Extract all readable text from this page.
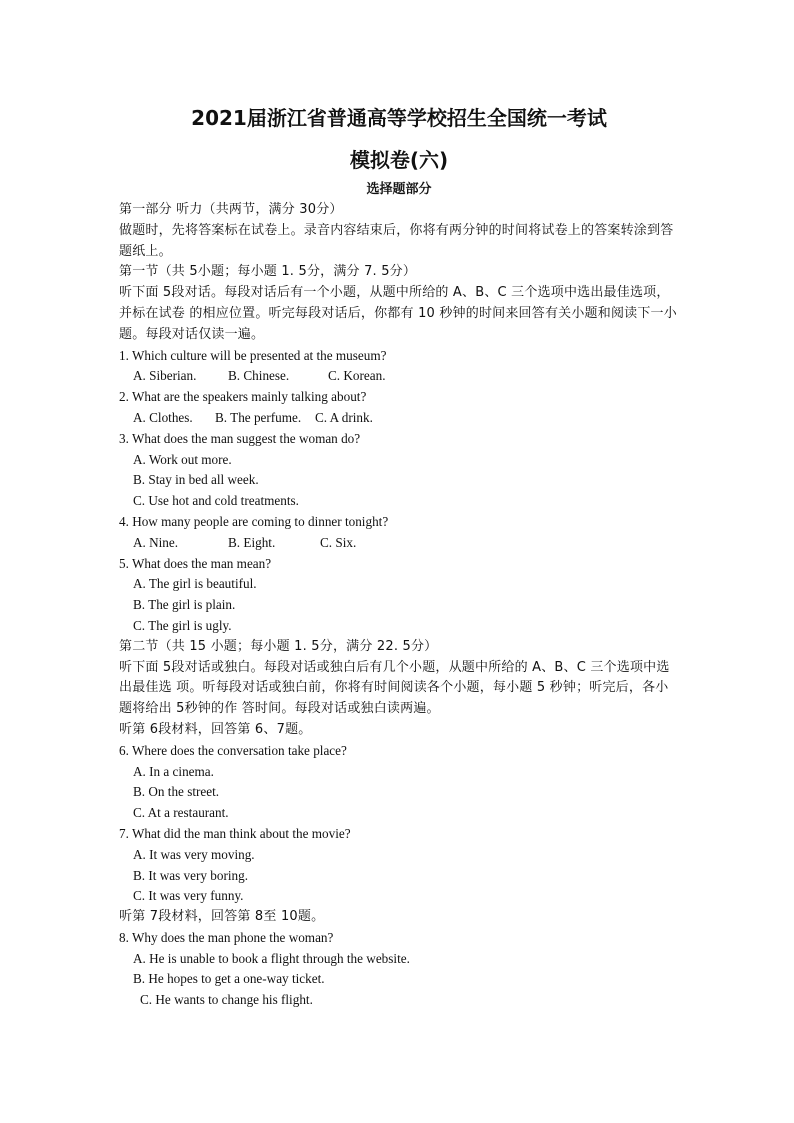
2021届浙江省普通高等学校招生全国统一考试
模拟卷(六)
选择题部分

第一部分 听力（共两节，满分 30分）

做题时，先将答案标在试卷上。录音内容结束后，你将有两分钟的时间将试卷上的答案转涂到答题纸上。

第一节（共 5小题；每小题 1. 5分，满分 7. 5分）

听下面 5段对话。每段对话后有一个小题，从题中所给的 A、B、C 三个选项中选出最佳选项，并标在试卷 的相应位置。听完每段对话后，你都有 10 秒钟的时间来回答有关小题和阅读下一小题。每段对话仅读一遍。

1. Which culture will be presented at the museum?

A. Siberian.	B. Chinese.	C. Korean.

2. What are the speakers mainly talking about?

A. Clothes.	B. The perfume.	C. A drink.

3. What does the man suggest the woman do?

A. Work out more.

B. Stay in bed all week.

C. Use hot and cold treatments.

4. How many people are coming to dinner tonight?

A. Nine.	B. Eight.	C. Six.

5. What does the man mean?

A. The girl is beautiful.

B. The girl is plain.

C. The girl is ugly.

第二节（共 15 小题；每小题 1. 5分，满分 22. 5分）

听下面 5段对话或独白。每段对话或独白后有几个小题，从题中所给的 A、B、C 三个选项中选出最佳选 项。听每段对话或独白前，你将有时间阅读各个小题，每小题 5 秒钟；听完后，各小题将给出 5秒钟的作 答时间。每段对话或独白读两遍。

听第 6段材料，回答第 6、7题。

6. Where does the conversation take place?

A. In a cinema.

B. On the street.

C. At a restaurant.

7. What did the man think about the movie?

A. It was very moving.

B. It was very boring.

C. It was very funny.

听第 7段材料，回答第 8至 10题。

8. Why does the man phone the woman?

A. He is unable to book a flight through the website.

B. He hopes to get a one-way ticket.

C. He wants to change his flight.
